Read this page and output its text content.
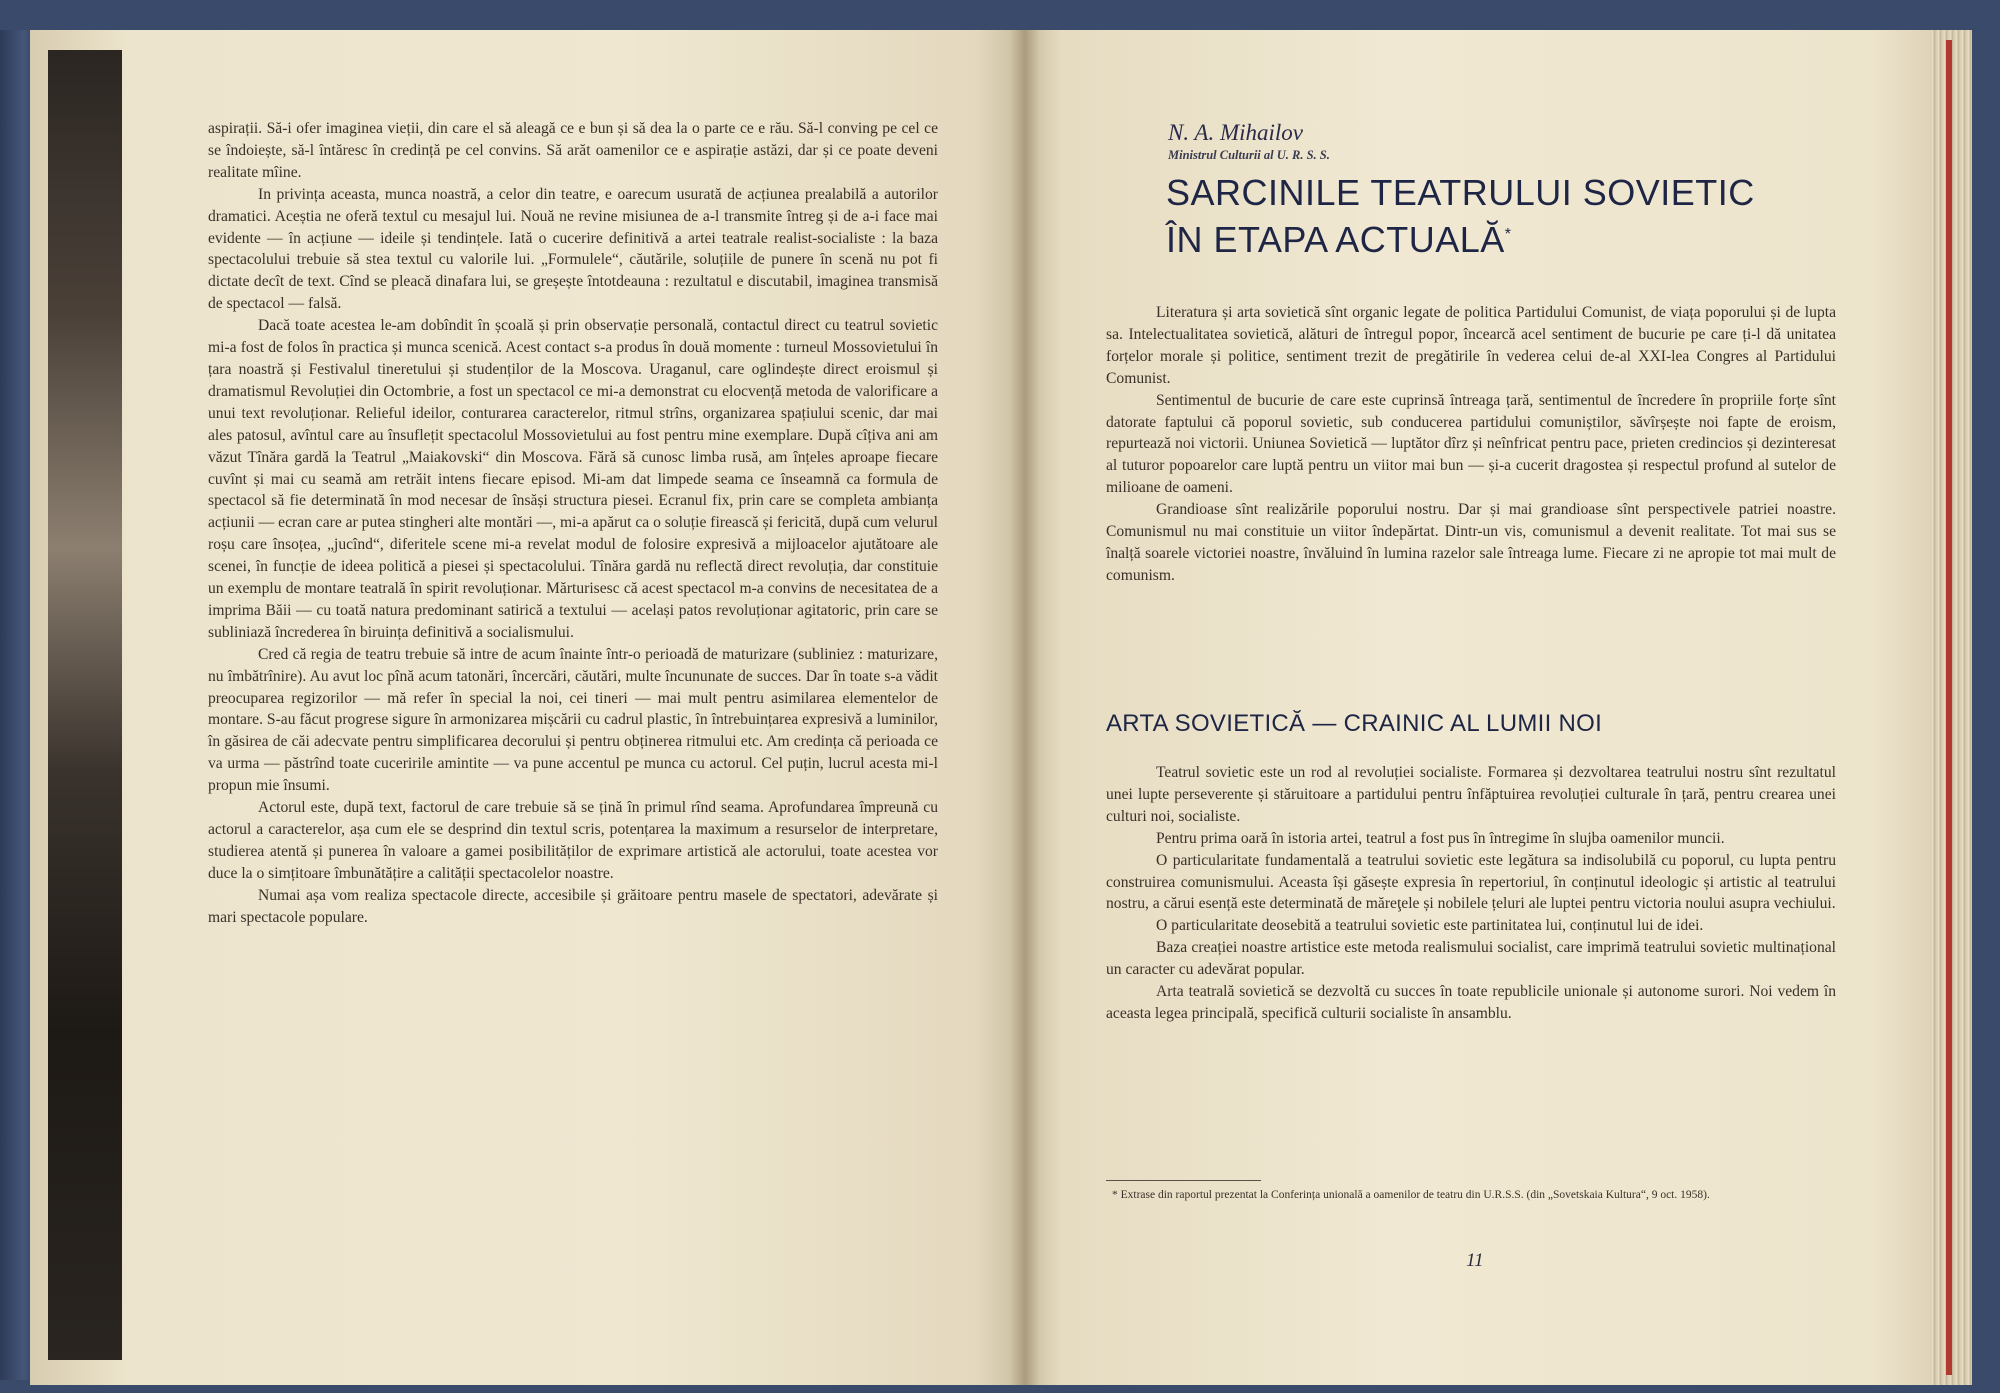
aspirații. Să-i ofer imaginea vieții, din care el să aleagă ce e bun și să dea la o parte ce e rău. Să-l conving pe cel ce se îndoiește, să-l întăresc în credință pe cel convins. Să arăt oamenilor ce e aspirație astăzi, dar și ce poate deveni realitate mîine.

In privința aceasta, munca noastră, a celor din teatre, e oarecum usurată de acțiunea prealabilă a autorilor dramatici. Aceștia ne oferă textul cu mesajul lui. Nouă ne revine misiunea de a-l transmite întreg și de a-i face mai evidente — în acțiune — ideile și tendințele. Iată o cucerire definitivă a artei teatrale realist-socialiste : la baza spectacolului trebuie să stea textul cu valorile lui. „Formulele“, căutările, soluțiile de punere în scenă nu pot fi dictate decît de text. Cînd se pleacă dinafara lui, se greșește întotdeauna : rezultatul e discutabil, imaginea transmisă de spectacol — falsă.

Dacă toate acestea le-am dobîndit în școală și prin observație personală, contactul direct cu teatrul sovietic mi-a fost de folos în practica și munca scenică. Acest contact s-a produs în două momente : turneul Mossovietului în țara noastră și Festivalul tineretului și studenților de la Moscova. Uraganul, care oglindește direct eroismul și dramatismul Revoluției din Octombrie, a fost un spectacol ce mi-a demonstrat cu elocvență metoda de valorificare a unui text revoluționar. Relieful ideilor, conturarea caracterelor, ritmul strîns, organizarea spațiului scenic, dar mai ales patosul, avîntul care au însuflețit spectacolul Mossovietului au fost pentru mine exemplare. După cîțiva ani am văzut Tînăra gardă la Teatrul „Maiakovski“ din Moscova. Fără să cunosc limba rusă, am înțeles aproape fiecare cuvînt și mai cu seamă am retrăit intens fiecare episod. Mi-am dat limpede seama ce înseamnă ca formula de spectacol să fie determinată în mod necesar de însăși structura piesei. Ecranul fix, prin care se completa ambianța acțiunii — ecran care ar putea stingheri alte montări —, mi-a apărut ca o soluție firească și fericită, după cum velurul roșu care însoțea, „jucînd“, diferitele scene mi-a revelat modul de folosire expresivă a mijloacelor ajutătoare ale scenei, în funcție de ideea politică a piesei și spectacolului. Tînăra gardă nu reflectă direct revoluția, dar constituie un exemplu de montare teatrală în spirit revoluționar. Mărturisesc că acest spectacol m-a convins de necesitatea de a imprima Băii — cu toată natura predominant satirică a textului — același patos revoluționar agitatoric, prin care se subliniază încrederea în biruința definitivă a socialismului.

Cred că regia de teatru trebuie să intre de acum înainte într-o perioadă de maturizare (subliniez : maturizare, nu îmbătrînire). Au avut loc pînă acum tatonări, încercări, căutări, multe încununate de succes. Dar în toate s-a vădit preocuparea regizorilor — mă refer în special la noi, cei tineri — mai mult pentru asimilarea elementelor de montare. S-au făcut progrese sigure în armonizarea mișcării cu cadrul plastic, în întrebuințarea expresivă a luminilor, în găsirea de căi adecvate pentru simplificarea decorului și pentru obținerea ritmului etc. Am credința că perioada ce va urma — păstrînd toate cuceririle amintite — va pune accentul pe munca cu actorul. Cel puțin, lucrul acesta mi-l propun mie însumi.

Actorul este, după text, factorul de care trebuie să se țină în primul rînd seama. Aprofundarea împreună cu actorul a caracterelor, așa cum ele se desprind din textul scris, potențarea la maximum a resurselor de interpretare, studierea atentă și punerea în valoare a gamei posibilităților de exprimare artistică ale actorului, toate acestea vor duce la o simțitoare îmbunătățire a calității spectacolelor noastre.

Numai așa vom realiza spectacole directe, accesibile și grăitoare pentru masele de spectatori, adevărate și mari spectacole populare.

N. A. Mihailov
Ministrul Culturii al U. R. S. S.
SARCINILE TEATRULUI SOVIETIC
ÎN ETAPA ACTUALĂ*

Literatura și arta sovietică sînt organic legate de politica Partidului Comunist, de viața poporului și de lupta sa. Intelectualitatea sovietică, alături de întregul popor, încearcă acel sentiment de bucurie pe care ți-l dă unitatea forțelor morale și politice, sentiment trezit de pregătirile în vederea celui de-al XXI-lea Congres al Partidului Comunist.

Sentimentul de bucurie de care este cuprinsă întreaga țară, sentimentul de încredere în propriile forțe sînt datorate faptului că poporul sovietic, sub conducerea partidului comuniștilor, săvîrșește noi fapte de eroism, repurtează noi victorii. Uniunea Sovietică — luptător dîrz și neînfricat pentru pace, prieten credincios și dezinteresat al tuturor popoarelor care luptă pentru un viitor mai bun — și-a cucerit dragostea și respectul profund al sutelor de milioane de oameni.

Grandioase sînt realizările poporului nostru. Dar și mai grandioase sînt perspectivele patriei noastre. Comunismul nu mai constituie un viitor îndepărtat. Dintr-un vis, comunismul a devenit realitate. Tot mai sus se înalță soarele victoriei noastre, învăluind în lumina razelor sale întreaga lume. Fiecare zi ne apropie tot mai mult de comunism.

ARTA SOVIETICĂ — CRAINIC AL LUMII NOI

Teatrul sovietic este un rod al revoluției socialiste. Formarea și dezvoltarea teatrului nostru sînt rezultatul unei lupte perseverente și stăruitoare a partidului pentru înfăptuirea revoluției culturale în țară, pentru crearea unei culturi noi, socialiste.

Pentru prima oară în istoria artei, teatrul a fost pus în întregime în slujba oamenilor muncii.

O particularitate fundamentală a teatrului sovietic este legătura sa indisolubilă cu poporul, cu lupta pentru construirea comunismului. Aceasta își găsește expresia în repertoriul, în conținutul ideologic și artistic al teatrului nostru, a cărui esență este determinată de măreţele și nobilele țeluri ale luptei pentru victoria noului asupra vechiului.

O particularitate deosebită a teatrului sovietic este partinitatea lui, conținutul lui de idei.

Baza creației noastre artistice este metoda realismului socialist, care imprimă teatrului sovietic multinațional un caracter cu adevărat popular.

Arta teatrală sovietică se dezvoltă cu succes în toate republicile unionale și autonome surori. Noi vedem în aceasta legea principală, specifică culturii socialiste în ansamblu.

* Extrase din raportul prezentat la Conferința unională a oamenilor de teatru din U.R.S.S. (din „Sovetskaia Kultura“, 9 oct. 1958).
11
